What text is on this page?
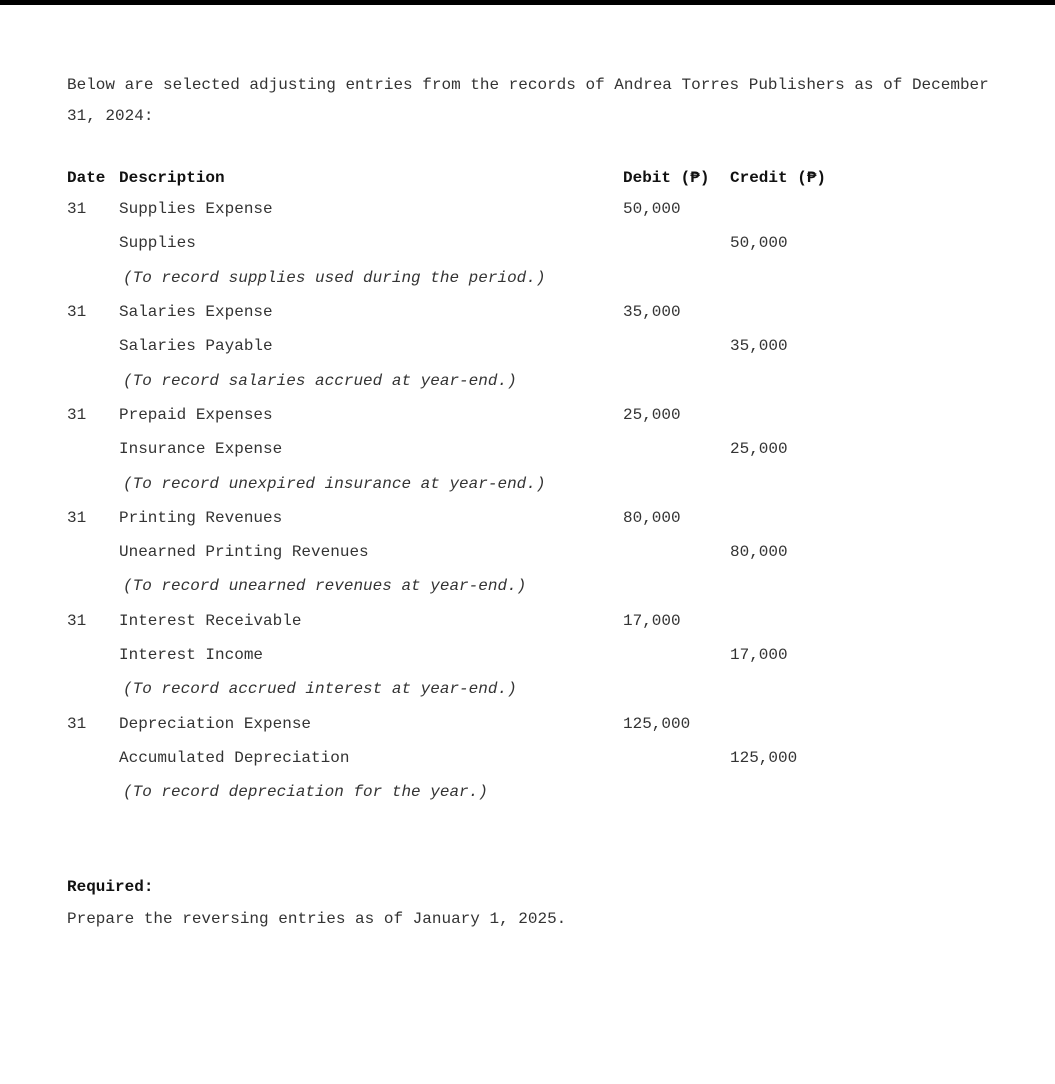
Below are selected adjusting entries from the records of Andrea Torres Publishers as of December 31, 2024:

Date	Description	Debit (₱)	Credit (₱)
31	Supplies Expense	50,000	
	Supplies		50,000
	(To record supplies used during the period.)		
31	Salaries Expense	35,000	
	Salaries Payable		35,000
	(To record salaries accrued at year-end.)		
31	Prepaid Expenses	25,000	
	Insurance Expense		25,000
	(To record unexpired insurance at year-end.)		
31	Printing Revenues	80,000	
	Unearned Printing Revenues		80,000
	(To record unearned revenues at year-end.)		
31	Interest Receivable	17,000	
	Interest Income		17,000
	(To record accrued interest at year-end.)		
31	Depreciation Expense	125,000	
	Accumulated Depreciation		125,000
	(To record depreciation for the year.)		

Required:

Prepare the reversing entries as of January 1, 2025.
